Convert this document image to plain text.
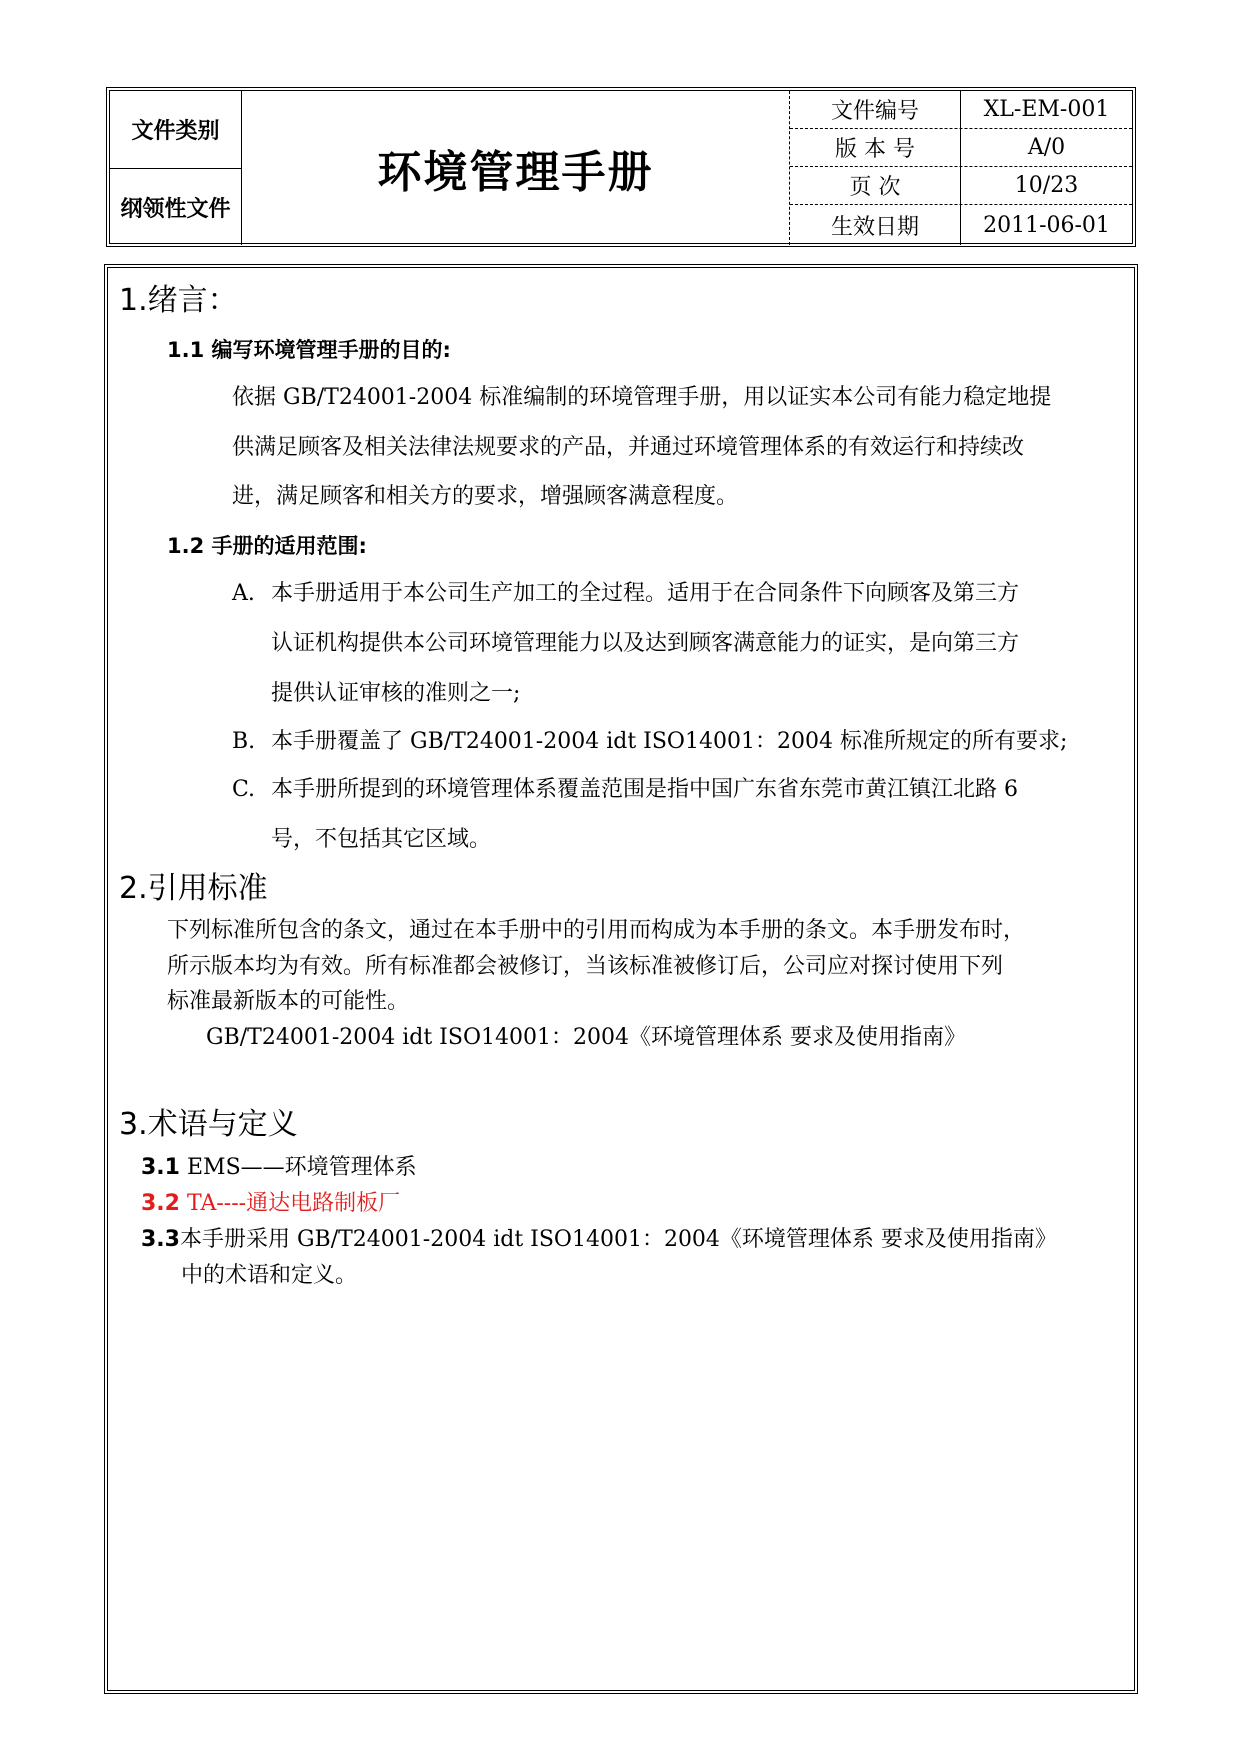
文件类别
纲领性文件
环境管理手册
文件编号	XL-EM-001
版 本 号	A/0
页 次	10/23
生效日期	2011-06-01
1.绪言：
1.1 编写环境管理手册的目的:
依据 GB/T24001-2004 标准编制的环境管理手册，用以证实本公司有能力稳定地提
供满足顾客及相关法律法规要求的产品，并通过环境管理体系的有效运行和持续改
进，满足顾客和相关方的要求，增强顾客满意程度。
1.2 手册的适用范围:
A. 本手册适用于本公司生产加工的全过程。适用于在合同条件下向顾客及第三方
认证机构提供本公司环境管理能力以及达到顾客满意能力的证实，是向第三方
提供认证审核的准则之一;
B. 本手册覆盖了 GB/T24001-2004 idt ISO14001：2004 标准所规定的所有要求;
C. 本手册所提到的环境管理体系覆盖范围是指中国广东省东莞市黄江镇江北路 6
号，不包括其它区域。
2.引用标准
下列标准所包含的条文，通过在本手册中的引用而构成为本手册的条文。本手册发布时，
所示版本均为有效。所有标准都会被修订，当该标准被修订后，公司应对探讨使用下列
标准最新版本的可能性。
GB/T24001-2004 idt ISO14001：2004《环境管理体系 要求及使用指南》
3.术语与定义
3.1 EMS——环境管理体系
3.2 TA----通达电路制板厂
3.3本手册采用 GB/T24001-2004 idt ISO14001：2004《环境管理体系 要求及使用指南》
中的术语和定义。
